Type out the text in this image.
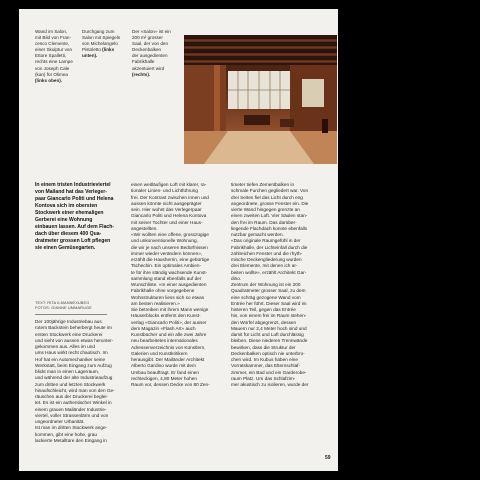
Wand im Salon,
mit Bild von Fran-
cesco Clemente,
einer Skulptur von
Ettore Spalletti,
rechts eine Lampe
von Joseph Cale
(kan) für Olimea
(links oben).
Durchgang zum
Salon mit Spiegeln
von Michelangelo
Pistoletto (links
unten).
Der «Salon» ist ein
200 m² grosser
Saal, der von den
Deckenbalken
der ausgedienten
Fabrikhalle
akzentuiert wird
(rechts).
In einem tristen Industrieviertel
von Mailand hat das Verleger-
paar Giancarlo Politi und Helena
Kontova sich im obersten
Stockwerk einer ehemaligen
Gerberei eine Wohnung
einbauen lassen. Auf dem Flach-
dach über diesem 400 Qua-
dratmeter grossen Loft pflegen
sie einen Gemüsegarten.
TEXT: RITA ILMANNEXUBEG
FOTOS: GIANNE UMMARUGE
Der 100jährige Industriebau aus
rotem Backstein beherbergt heute im
ersten Stockwerk eine Druckerei
und sieht von aussen etwas herunter-
gekommen aus. Alles im und
ums Haus wirkt recht chaotisch. Im
Hof hat ein Automechaniker seine
Werkstatt, beim Eingang zum Aufzug
blickt man in einen Lagerraum,
und während der alte Industrieaufzug
zum dritten und letzten Stockwerk
hinaufschleicht, wird man von den Ge-
räuschen aus der Druckerei beglei-
tet. Es ist ein authentischer Winkel in
einem grauen Mailänder Industrie-
viertel, voller Strassenlärm und von
ungeordneter Urbanität.
Ist man im dritten Stockwerk ange-
kommen, gibt eine hohe, grau
lackierte Metalltüre den Eingang in
einen weitläufigen Loft mit klarer, ra-
tionaler Linien- und Lichtführung
frei. Der Kontrast zwischen innen und
aussen könnte nicht ausgeprägter
sein. Hier wohnt das Verlegerpaar
Giancarlo Politi und Helena Kontova
mit seiner Tochter und einer Haus-
angestellten.
«Wir wollten eine offene, grosszügige
und unkonventionelle Wohnung,
die wir je nach unseren Bedürfnissen
immer wieder verändern können»,
erzählt die Hausherrin, eine gebürtige
Tschechin. Ein optimales Ambien-
te für ihre ständig wachsende Kunst-
sammlung stand ebenfalls auf der
Wunschliste. «In einer ausgedienten
Fabrikhalle ohne vorgegebene
Wohnstrukturen liess sich so etwas
am besten realisieren.»
Sie betreiben mit ihrem Mann wenige
Häuserblocks entfernt den Kunst-
verlag «Giancarlo Politi», der ausser
dem Magazin «Flash Art» auch
Kunstbücher und ein alle zwei Jahre
neu bearbeitetes internationales
Adressenverzeichnis von Künstlern,
Galerien und Kunstkritikern
herausgibt. Der Mailänder Architekt
Alberto Gardino wurde mit dem
Umbau beauftragt. Er fand einen
rechteckigen, 4,80 Meter hohen
Raum vor, dessen Decke von 80 Zen-
timeter tiefen Zementbalken in
schmale Furchen gegliedert war. Von
drei Seiten fiel das Licht durch eng
angeordnete, grosse Fenster ein. Die
vierte Wand hingegen grenzte an
einen zweiten Loft. Vier Säulen stan-
den frei im Raum. Das darüber-
liegende Flachdach konnte ebenfalls
nutzbar gemacht werden.
«Das originale Raumgefühl in der
Fabrikhalle, der Lichteinfall durch die
zahlreichen Fenster und die rhyth-
mische Deckengliederung wurden
drei Elemente, mit denen ich ar-
beiten wollte», erzählt Architekt Gar-
dino.
Zentrum der Wohnung ist ein 200
Quadratmeter grosser Saal, zu dem
eine schräg gezogene Wand vom
Entrée her führt. Dieser Saal wird im
hinteren Teil, gegen das Entrée
hin, von einem frei im Raum stehen-
den Würfel abgegrenzt, dessen
Mauern nur 2,4 Meter hoch sind und
damit für Licht und Luft durchlässig
bleiben. Diese niederen Trennwände
bewirken, dass die Struktur der
Deckenbalken optisch nie unterbro-
chen wird. Im Kubus haben eine
Vorratskammer, das Elternschlaf-
zimmer, ein Bad und ein Garderobe-
raum Platz. Um das Schlafzim-
mer akustisch zu isolieren, wurde der
59
